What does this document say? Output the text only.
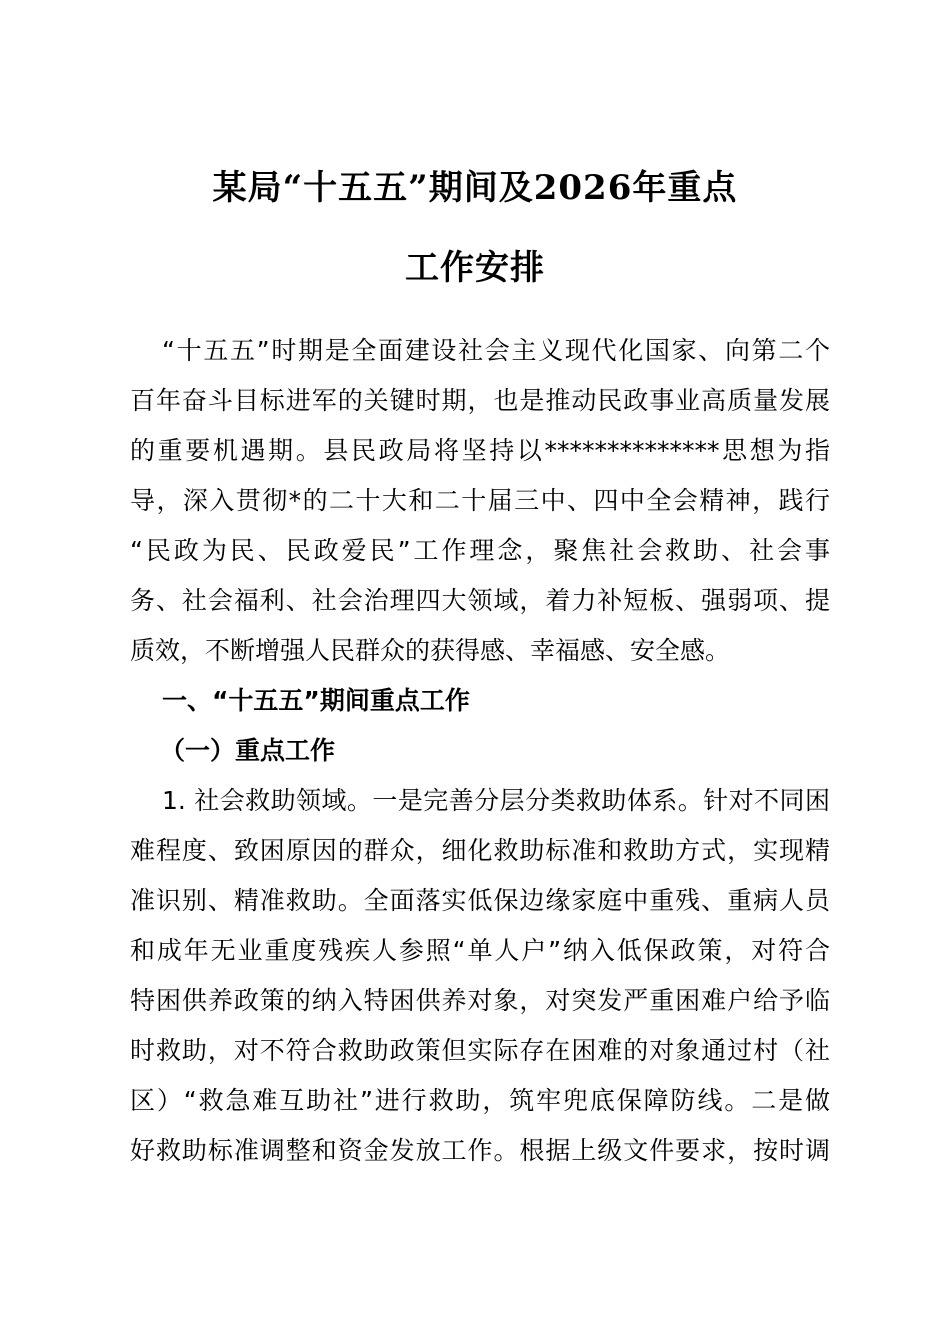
某局“十五五”期间及2026年重点
工作安排
“十五五”时期是全面建设社会主义现代化国家、向第二个
百年奋斗目标进军的关键时期，也是推动民政事业高质量发展
的重要机遇期。县民政局将坚持以**************思想为指
导，深入贯彻*的二十大和二十届三中、四中全会精神，践行
“民政为民、民政爱民”工作理念，聚焦社会救助、社会事
务、社会福利、社会治理四大领域，着力补短板、强弱项、提
质效，不断增强人民群众的获得感、幸福感、安全感。
一、“十五五”期间重点工作
（一）重点工作
1. 社会救助领域。一是完善分层分类救助体系。针对不同困
难程度、致困原因的群众，细化救助标准和救助方式，实现精
准识别、精准救助。全面落实低保边缘家庭中重残、重病人员
和成年无业重度残疾人参照“单人户”纳入低保政策，对符合
特困供养政策的纳入特困供养对象，对突发严重困难户给予临
时救助，对不符合救助政策但实际存在困难的对象通过村（社
区）“救急难互助社”进行救助，筑牢兜底保障防线。二是做
好救助标准调整和资金发放工作。根据上级文件要求，按时调
